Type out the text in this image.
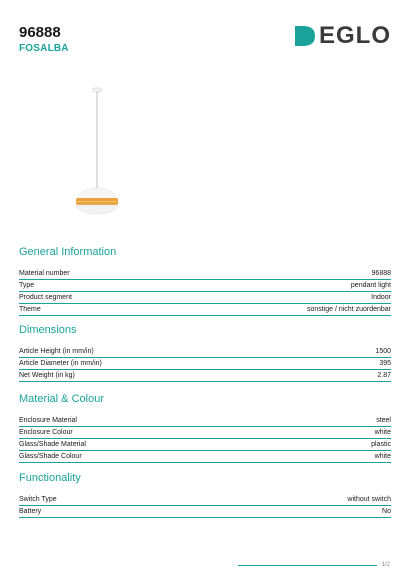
96888
FOSALBA	EGLO
General Information
Material number	96888
Type	pendant light
Product segment	Indoor
Theme	sonstige / nicht zuordenbar
Dimensions
Article Height (in mm/in)	1500
Article Diameter (in mm/in)	395
Net Weight (in kg)	2.87
Material & Colour
Enclosure Material	steel
Enclosure Colour	white
Glass/Shade Material	plastic
Glass/Shade Colour	white
Functionality
Switch Type	without switch
Battery	No
1/2
